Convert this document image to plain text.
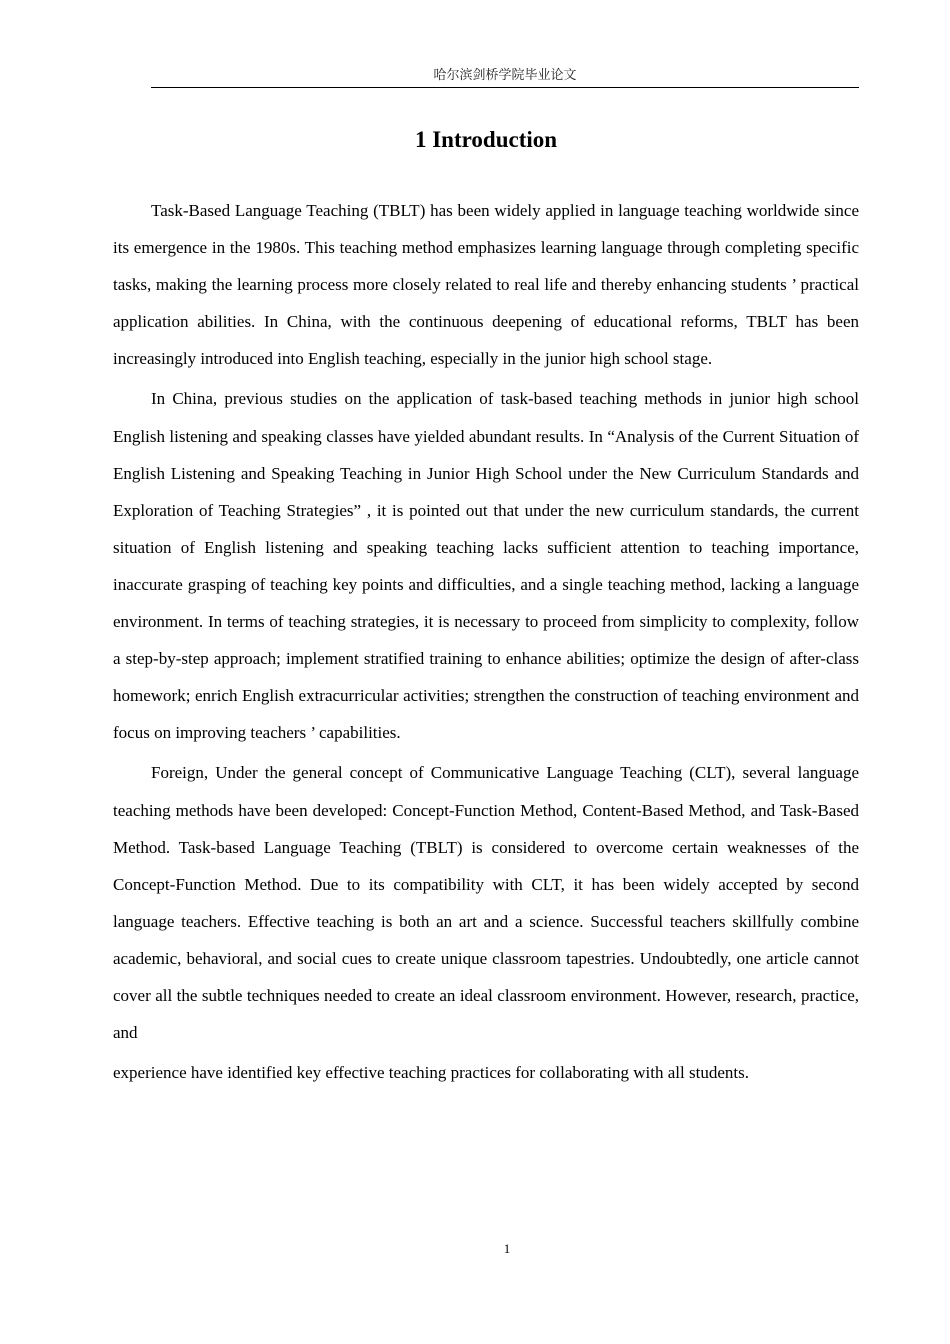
哈尔滨剑桥学院毕业论文
1 Introduction

Task-Based Language Teaching (TBLT) has been widely applied in language teaching worldwide since its emergence in the 1980s. This teaching method emphasizes learning language through completing specific tasks, making the learning process more closely related to real life and thereby enhancing students ’ practical application abilities. In China, with the continuous deepening of educational reforms, TBLT has been increasingly introduced into English teaching, especially in the junior high school stage.

In China, previous studies on the application of task-based teaching methods in junior high school English listening and speaking classes have yielded abundant results. In “Analysis of the Current Situation of English Listening and Speaking Teaching in Junior High School under the New Curriculum Standards and Exploration of Teaching Strategies” , it is pointed out that under the new curriculum standards, the current situation of English listening and speaking teaching lacks sufficient attention to teaching importance, inaccurate grasping of teaching key points and difficulties, and a single teaching method, lacking a language environment. In terms of teaching strategies, it is necessary to proceed from simplicity to complexity, follow a step-by-step approach; implement stratified training to enhance abilities; optimize the design of after-class homework; enrich English extracurricular activities; strengthen the construction of teaching environment and focus on improving teachers ’ capabilities.

Foreign, Under the general concept of Communicative Language Teaching (CLT), several language teaching methods have been developed: Concept-Function Method, Content-Based Method, and Task-Based Method. Task-based Language Teaching (TBLT) is considered to overcome certain weaknesses of the Concept-Function Method. Due to its compatibility with CLT, it has been widely accepted by second language teachers. Effective teaching is both an art and a science. Successful teachers skillfully combine academic, behavioral, and social cues to create unique classroom tapestries. Undoubtedly, one article cannot cover all the subtle techniques needed to create an ideal classroom environment. However, research, practice, and

experience have identified key effective teaching practices for collaborating with all students.

1
